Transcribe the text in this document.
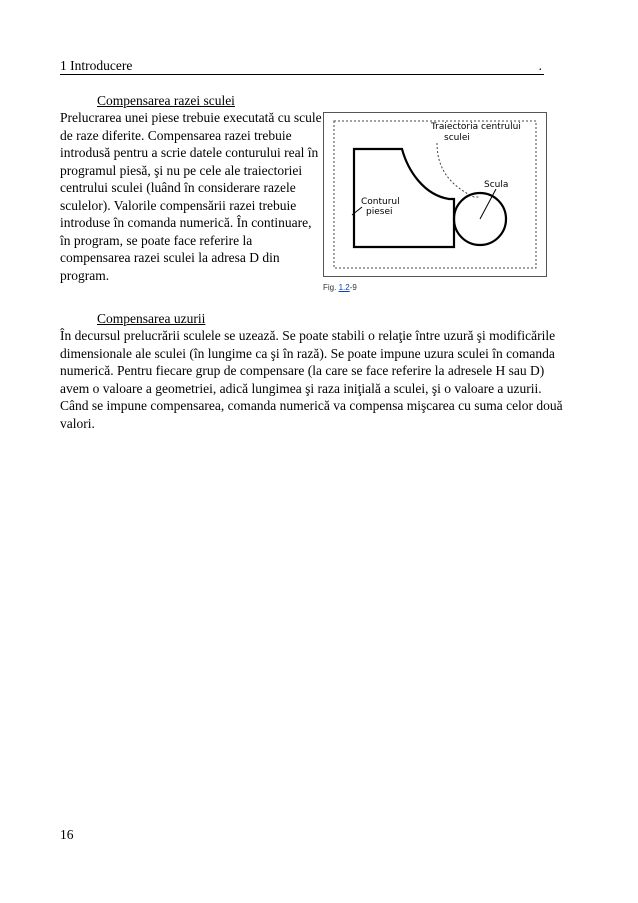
1 Introducere	.
Compensarea razei sculei
Prelucrarea unei piese trebuie executată cu scule
de raze diferite. Compensarea razei trebuie
introdusă pentru a scrie datele conturului real în
programul piesă, şi nu pe cele ale traiectoriei
centrului sculei (luând în considerare razele
sculelor). Valorile compensării razei trebuie
introduse în comanda numerică. În continuare,
în program, se poate face referire la
compensarea razei sculei la adresa D din
program.
Traiectoria centrului
sculei
Scula
Conturul
piesei
Fig. 1.2-9
Compensarea uzurii
În decursul prelucrării sculele se uzează. Se poate stabili o relaţie între uzură şi modificările
dimensionale ale sculei (în lungime ca şi în rază). Se poate impune uzura sculei în comanda
numerică. Pentru fiecare grup de compensare (la care se face referire la adresele H sau D)
avem o valoare a geometriei, adică lungimea şi raza iniţială a sculei, şi o valoare a uzurii.
Când se impune compensarea, comanda numerică va compensa mişcarea cu suma celor două
valori.
16
